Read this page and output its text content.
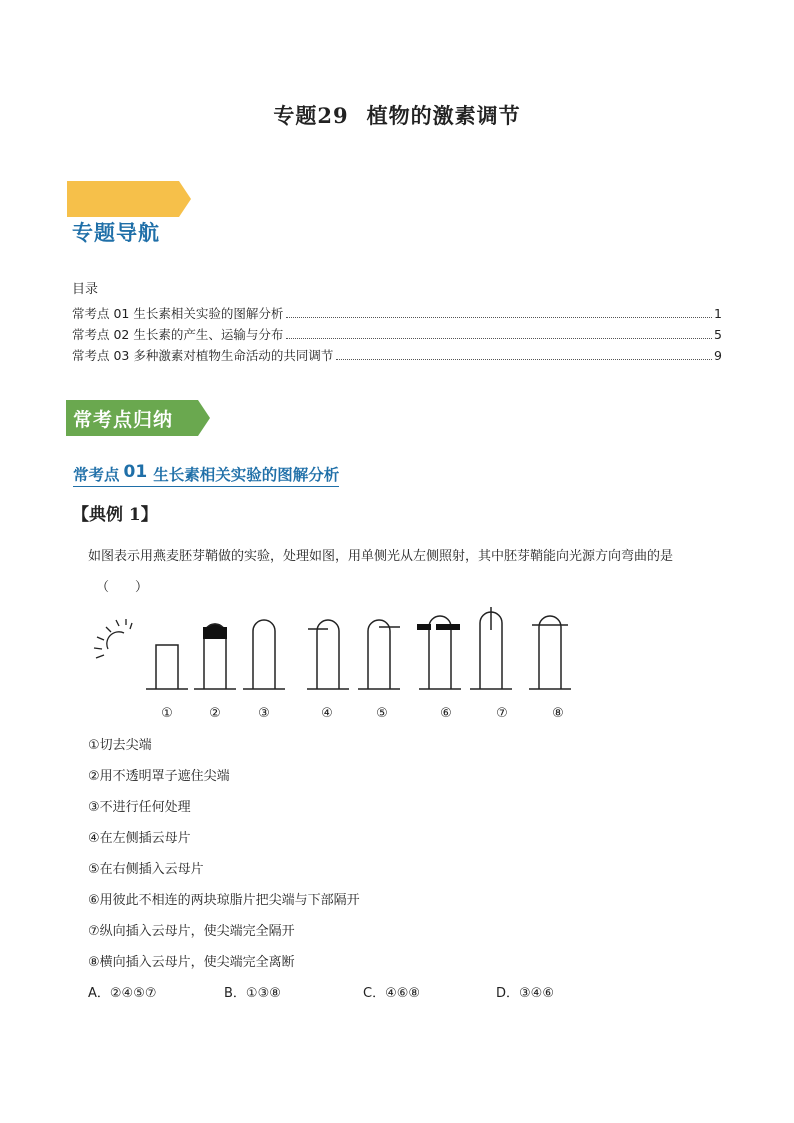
专题29 植物的激素调节
专题导航
目录
常考点 01 生长素相关实验的图解分析	1
常考点 02 生长素的产生、运输与分布	5
常考点 03 多种激素对植物生命活动的共同调节	9
常考点归纳
常考点 01 生长素相关实验的图解分析
【典例 1】
如图表示用燕麦胚芽鞘做的实验，处理如图，用单侧光从左侧照射，其中胚芽鞘能向光源方向弯曲的是
（　　）
①	②	③	④	⑤	⑥	⑦	⑧
①切去尖端
②用不透明罩子遮住尖端
③不进行任何处理
④在左侧插云母片
⑤在右侧插入云母片
⑥用彼此不相连的两块琼脂片把尖端与下部隔开
⑦纵向插入云母片，使尖端完全隔开
⑧横向插入云母片，使尖端完全离断
A．②④⑤⑦	B．①③⑧	C．④⑥⑧	D．③④⑥
